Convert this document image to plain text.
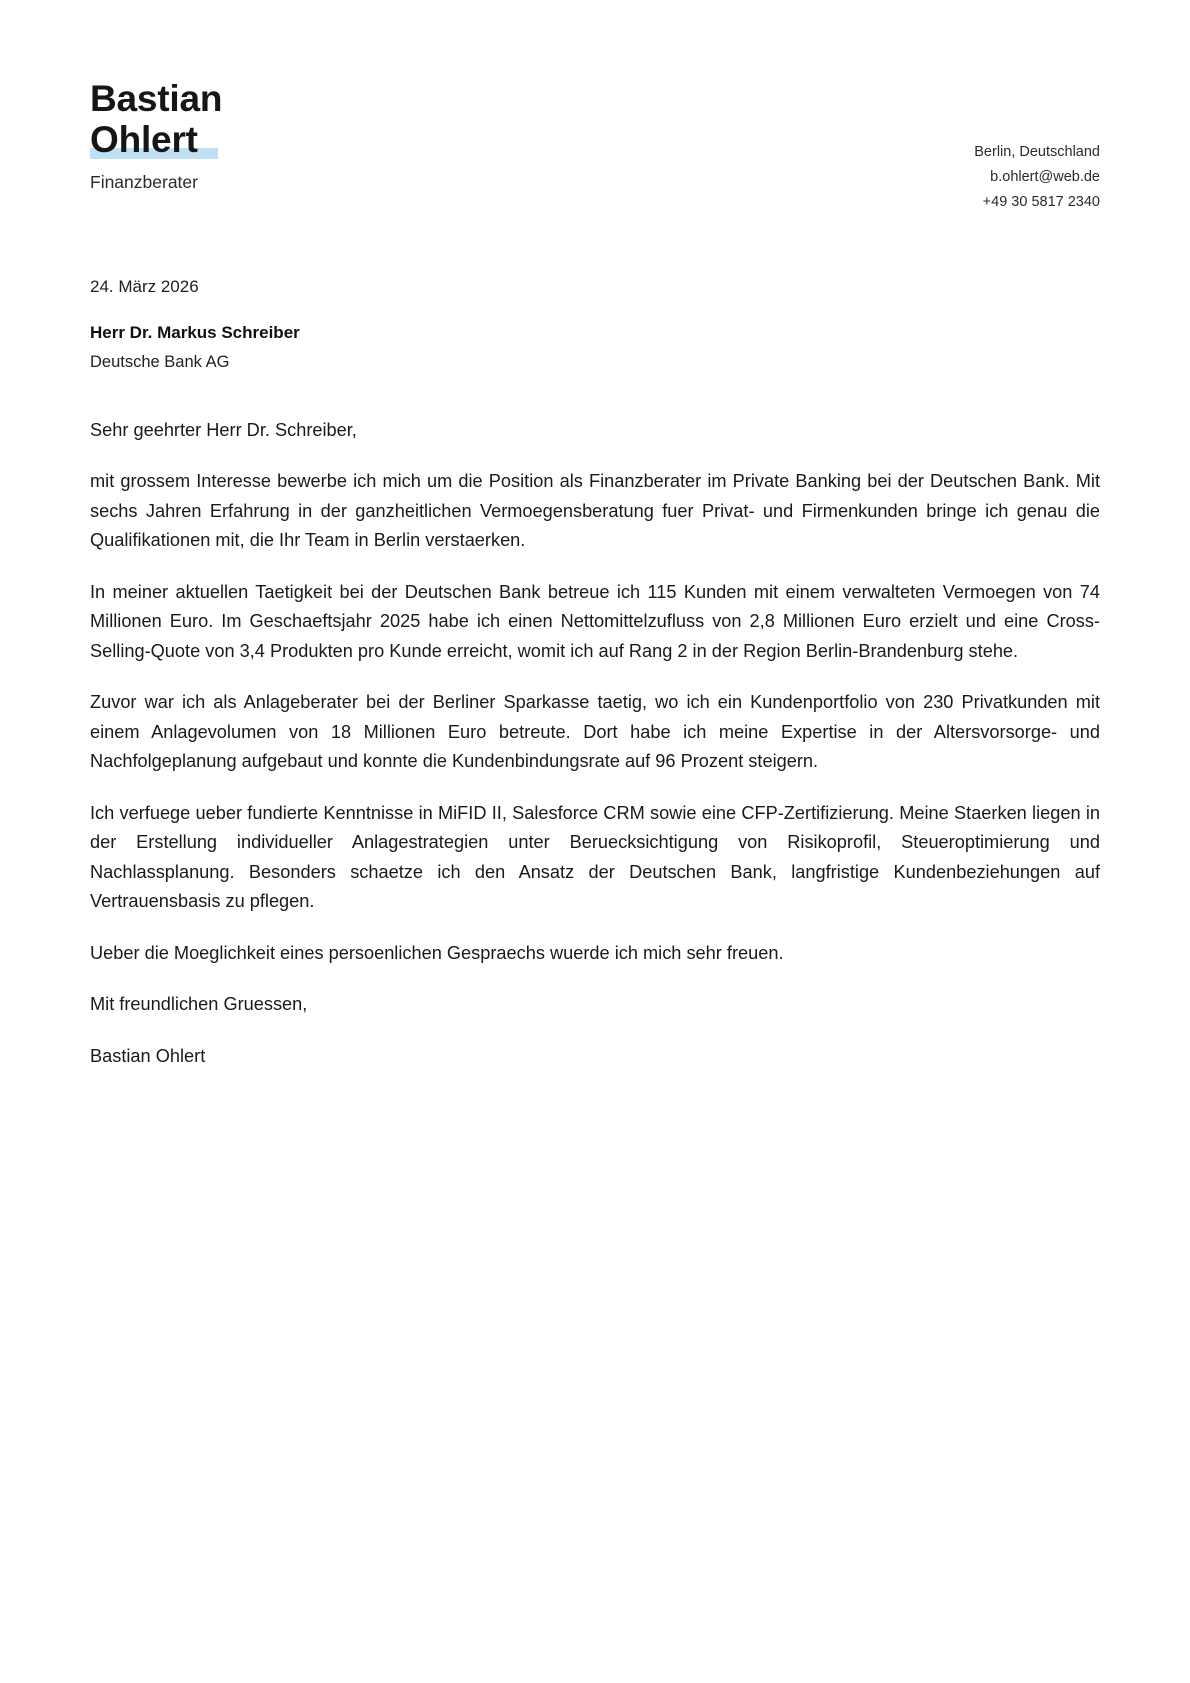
Bastian
Ohlert
Finanzberater
Berlin, Deutschland
b.ohlert@web.de
+49 30 5817 2340
24. März 2026
Herr Dr. Markus Schreiber
Deutsche Bank AG

Sehr geehrter Herr Dr. Schreiber,

mit grossem Interesse bewerbe ich mich um die Position als Finanzberater im Private Banking bei der Deutschen Bank. Mit sechs Jahren Erfahrung in der ganzheitlichen Vermoegensberatung fuer Privat- und Firmenkunden bringe ich genau die Qualifikationen mit, die Ihr Team in Berlin verstaerken.

In meiner aktuellen Taetigkeit bei der Deutschen Bank betreue ich 115 Kunden mit einem verwalteten Vermoegen von 74 Millionen Euro. Im Geschaeftsjahr 2025 habe ich einen Nettomittelzufluss von 2,8 Millionen Euro erzielt und eine Cross-Selling-Quote von 3,4 Produkten pro Kunde erreicht, womit ich auf Rang 2 in der Region Berlin-Brandenburg stehe.

Zuvor war ich als Anlageberater bei der Berliner Sparkasse taetig, wo ich ein Kundenportfolio von 230 Privatkunden mit einem Anlagevolumen von 18 Millionen Euro betreute. Dort habe ich meine Expertise in der Altersvorsorge- und Nachfolgeplanung aufgebaut und konnte die Kundenbindungsrate auf 96 Prozent steigern.

Ich verfuege ueber fundierte Kenntnisse in MiFID II, Salesforce CRM sowie eine CFP-Zertifizierung. Meine Staerken liegen in der Erstellung individueller Anlagestrategien unter Beruecksichtigung von Risikoprofil, Steueroptimierung und Nachlassplanung. Besonders schaetze ich den Ansatz der Deutschen Bank, langfristige Kundenbeziehungen auf Vertrauensbasis zu pflegen.

Ueber die Moeglichkeit eines persoenlichen Gespraechs wuerde ich mich sehr freuen.

Mit freundlichen Gruessen,

Bastian Ohlert
